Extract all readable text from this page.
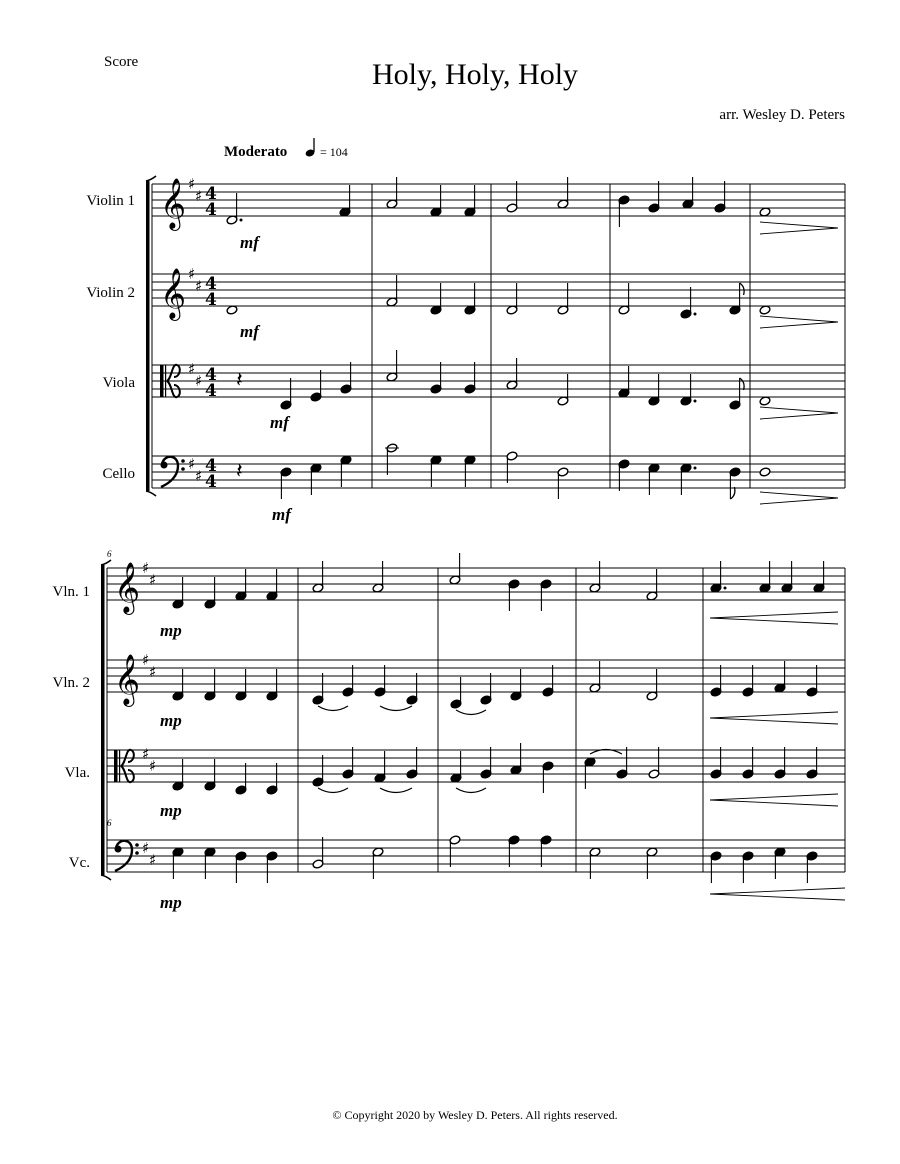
Score	Holy, Holy, Holy
arr. Wesley D. Peters
Moderato	= 104
𝄞 ♯
♯ 4
4
𝄞 ♯
♯ 4
4
♯
♯ 4
4
♯
♯ 4
4
𝄽
𝄽
𝄞 ♯
♯
𝄞 ♯
♯
♯
♯
♯
♯
Violin 1
Violin 2
Viola
Cello
Vln. 1
Vln. 2
Vla.
Vc.
6
6
mf
mf
mf
mf
mp
mp
mp
mp
© Copyright 2020 by Wesley D. Peters. All rights reserved.
